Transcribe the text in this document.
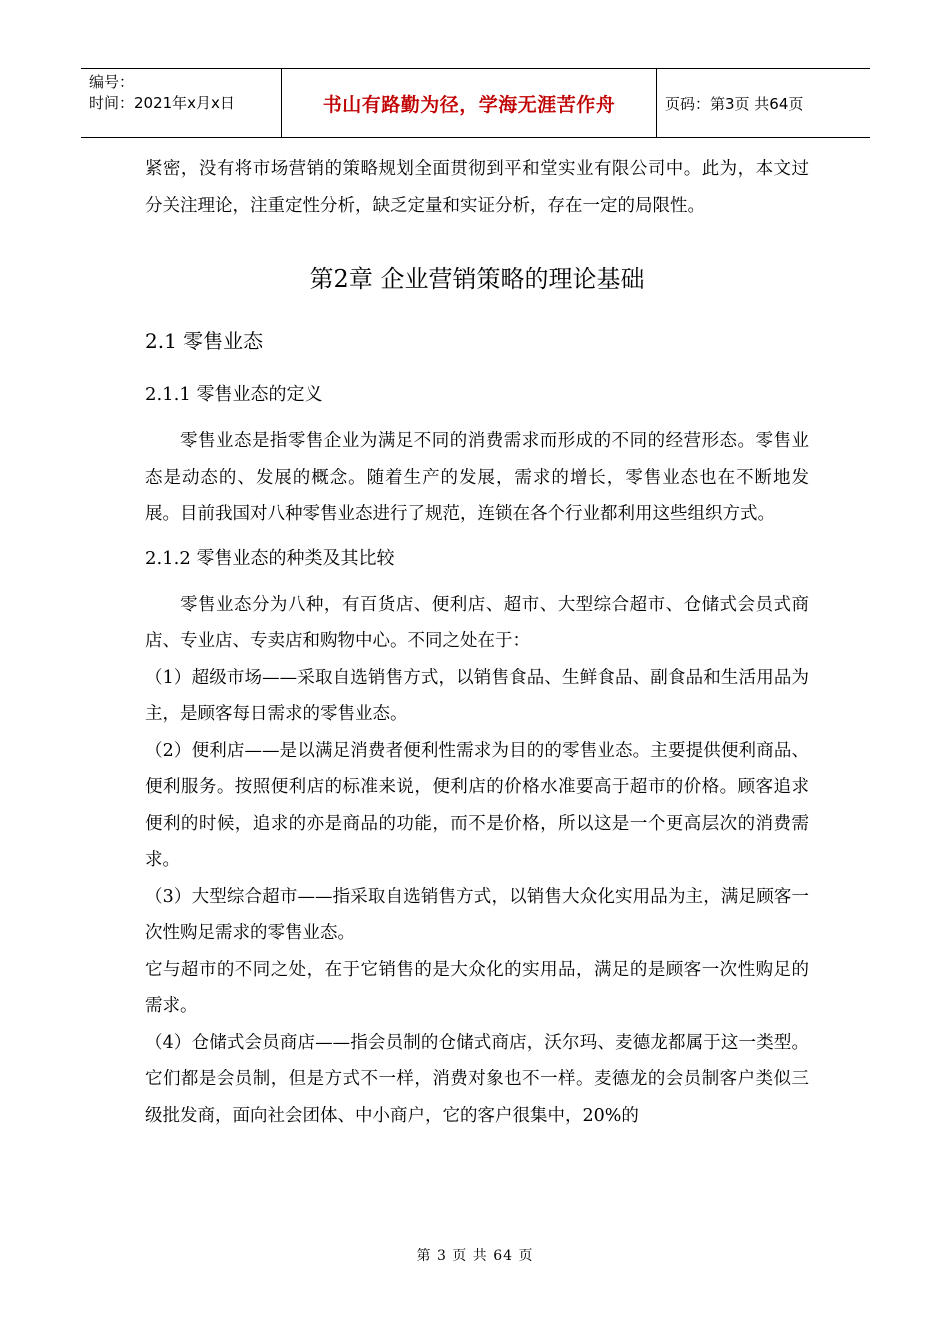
编号：
时间：2021年x月x日	书山有路勤为径，学海无涯苦作舟	页码：第3页 共64页

紧密，没有将市场营销的策略规划全面贯彻到平和堂实业有限公司中。此为，本文过分关注理论，注重定性分析，缺乏定量和实证分析，存在一定的局限性。

第2章 企业营销策略的理论基础
2.1 零售业态
2.1.1 零售业态的定义

零售业态是指零售企业为满足不同的消费需求而形成的不同的经营形态。零售业态是动态的、发展的概念。随着生产的发展，需求的增长，零售业态也在不断地发展。目前我国对八种零售业态进行了规范，连锁在各个行业都利用这些组织方式。

2.1.2 零售业态的种类及其比较

零售业态分为八种，有百货店、便利店、超市、大型综合超市、仓储式会员式商店、专业店、专卖店和购物中心。不同之处在于：

（1）超级市场——采取自选销售方式，以销售食品、生鲜食品、副食品和生活用品为主，是顾客每日需求的零售业态。

（2）便利店——是以满足消费者便利性需求为目的的零售业态。主要提供便利商品、便利服务。按照便利店的标准来说，便利店的价格水准要高于超市的价格。顾客追求便利的时候，追求的亦是商品的功能，而不是价格，所以这是一个更高层次的消费需求。

（3）大型综合超市——指采取自选销售方式，以销售大众化实用品为主，满足顾客一次性购足需求的零售业态。

它与超市的不同之处，在于它销售的是大众化的实用品，满足的是顾客一次性购足的需求。

（4）仓储式会员商店——指会员制的仓储式商店，沃尔玛、麦德龙都属于这一类型。它们都是会员制，但是方式不一样，消费对象也不一样。麦德龙的会员制客户类似三级批发商，面向社会团体、中小商户，它的客户很集中，20%的

第 3 页 共 64 页
